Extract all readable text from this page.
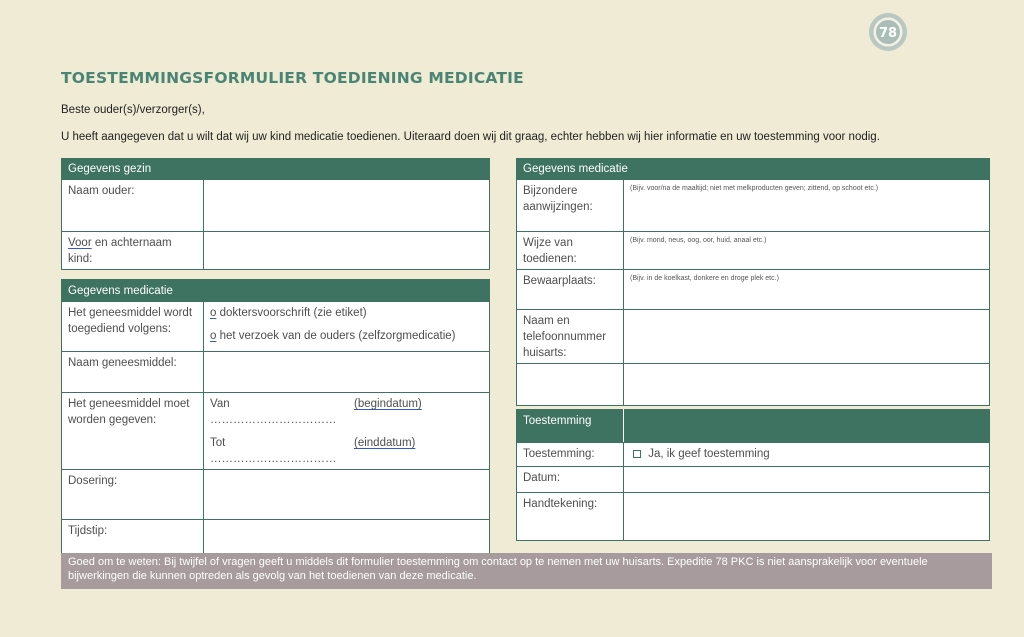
78
TOESTEMMINGSFORMULIER TOEDIENING MEDICATIE
Beste ouder(s)/verzorger(s),
U heeft aangegeven dat u wilt dat wij uw kind medicatie toedienen. Uiteraard doen wij dit graag, echter hebben wij hier informatie en uw toestemming voor nodig.
Gegevens gezin	
Naam ouder:	
Voor en achternaam kind:	
Gegevens medicatie	
Het geneesmiddel wordt toegediend volgens:	o doktersvoorschrift (zie etiket)
o het verzoek van de ouders (zelfzorgmedicatie)

Naam geneesmiddel:	
Het geneesmiddel moet worden gegeven:	Van ……………………………
(begindatum)
Tot ……………………………
(einddatum)

Dosering:	
Tijdstip:	
Gegevens medicatie	
Bijzondere aanwijzingen:	(Bijv. voor/na de maaltijd; niet met melkproducten geven; zittend, op schoot etc.)

Wijze van toedienen:	(Bijv. mond, neus, oog, oor, huid, anaal etc.)

Bewaarplaats:	(Bijv. in de koelkast, donkere en droge plek etc.)

Naam en telefoonnummer huisarts:	

Toestemming	
Toestemming:	Ja, ik geef toestemming
Datum:	
Handtekening:	
Goed om te weten: Bij twijfel of vragen geeft u middels dit formulier toestemming om contact op te nemen met uw huisarts. Expeditie 78 PKC is niet aansprakelijk voor eventuele bijwerkingen die kunnen optreden als gevolg van het toedienen van deze medicatie.
